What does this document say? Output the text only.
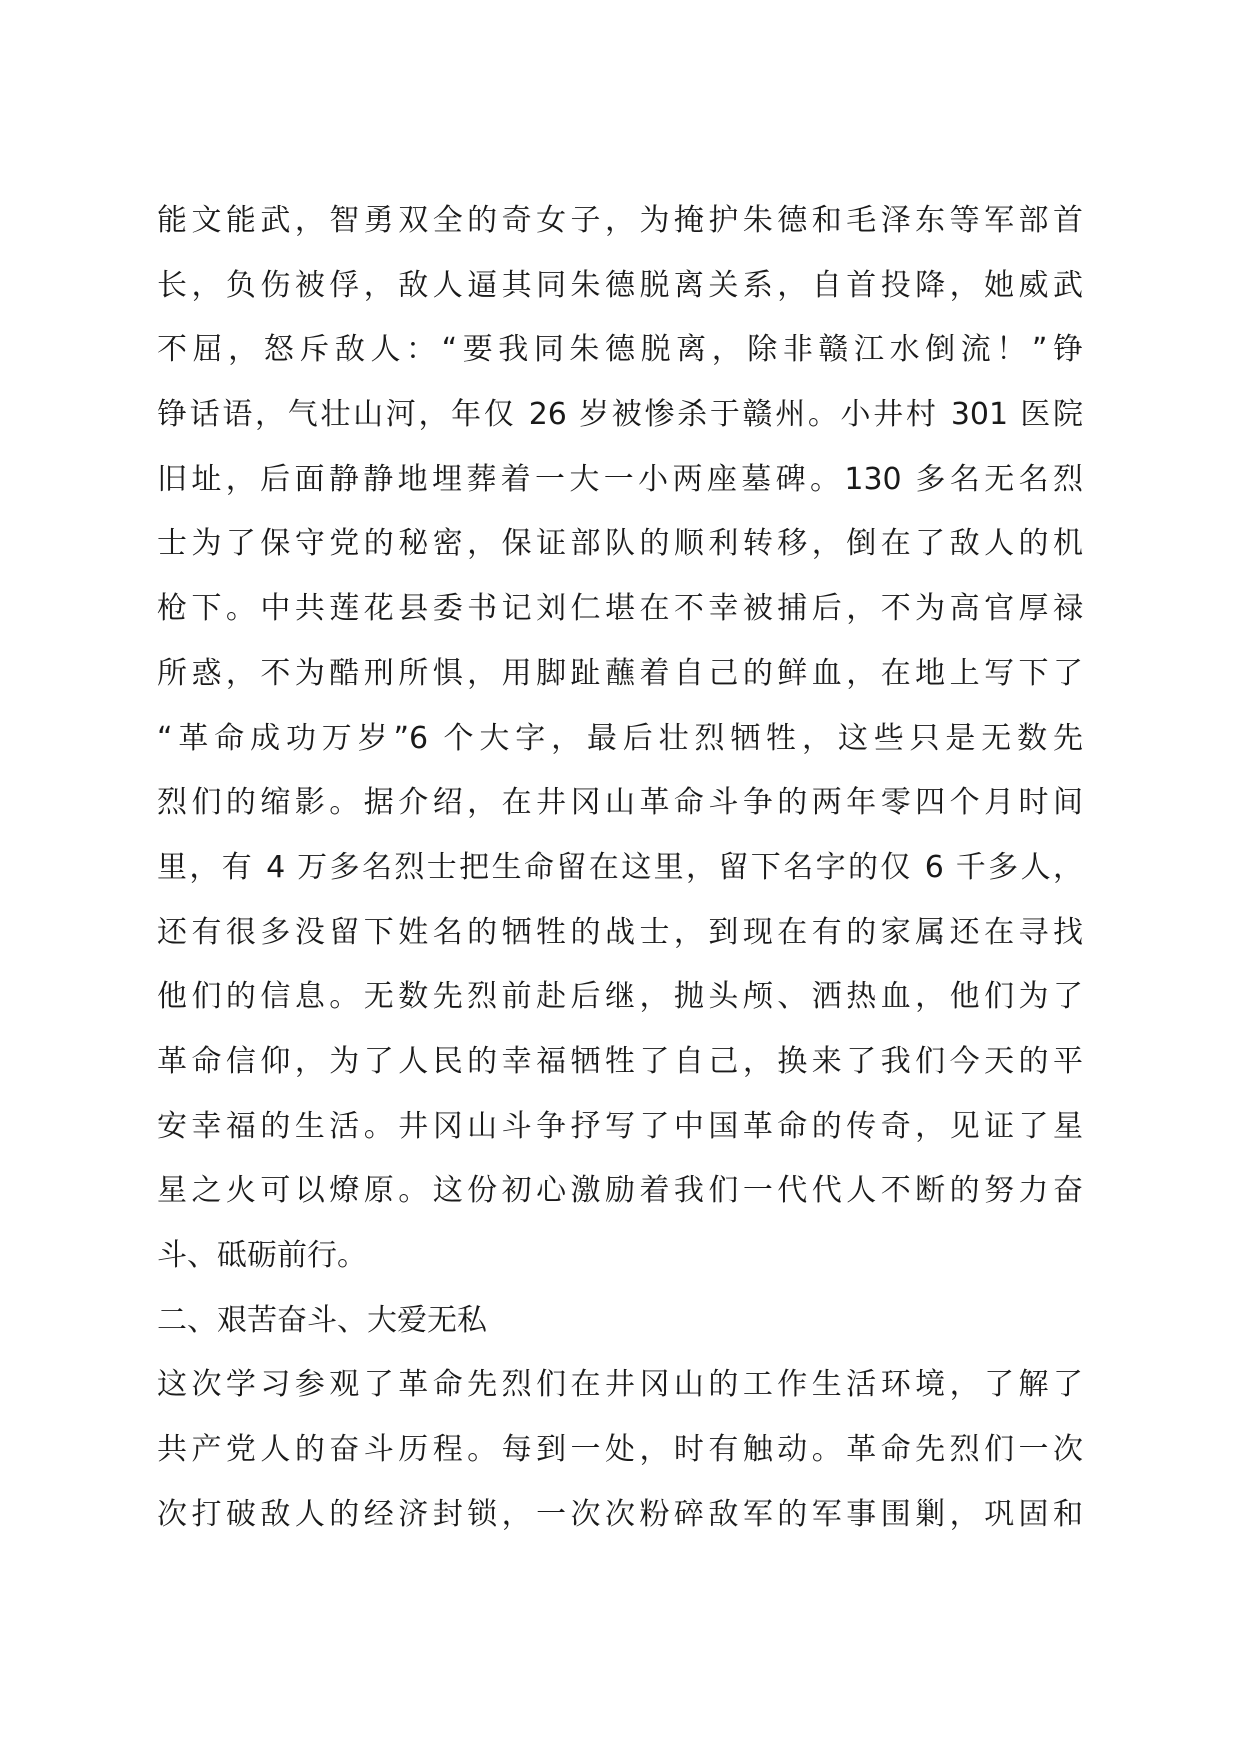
能文能武，智勇双全的奇女子，为掩护朱德和毛泽东等军部首
长，负伤被俘，敌人逼其同朱德脱离关系，自首投降，她威武
不屈，怒斥敌人：“要我同朱德脱离，除非赣江水倒流！”铮
铮话语，气壮山河，年仅 26 岁被惨杀于赣州。小井村 301 医院
旧址，后面静静地埋葬着一大一小两座墓碑。130 多名无名烈
士为了保守党的秘密，保证部队的顺利转移，倒在了敌人的机
枪下。中共莲花县委书记刘仁堪在不幸被捕后，不为高官厚禄
所惑，不为酷刑所惧，用脚趾蘸着自己的鲜血，在地上写下了
“革命成功万岁”6 个大字，最后壮烈牺牲，这些只是无数先
烈们的缩影。据介绍，在井冈山革命斗争的两年零四个月时间
里，有 4 万多名烈士把生命留在这里，留下名字的仅 6 千多人，
还有很多没留下姓名的牺牲的战士，到现在有的家属还在寻找
他们的信息。无数先烈前赴后继，抛头颅、洒热血，他们为了
革命信仰，为了人民的幸福牺牲了自己，换来了我们今天的平
安幸福的生活。井冈山斗争抒写了中国革命的传奇，见证了星
星之火可以燎原。这份初心激励着我们一代代人不断的努力奋
斗、砥砺前行。
二、艰苦奋斗、大爱无私
这次学习参观了革命先烈们在井冈山的工作生活环境，了解了
共产党人的奋斗历程。每到一处，时有触动。革命先烈们一次
次打破敌人的经济封锁，一次次粉碎敌军的军事围剿，巩固和
